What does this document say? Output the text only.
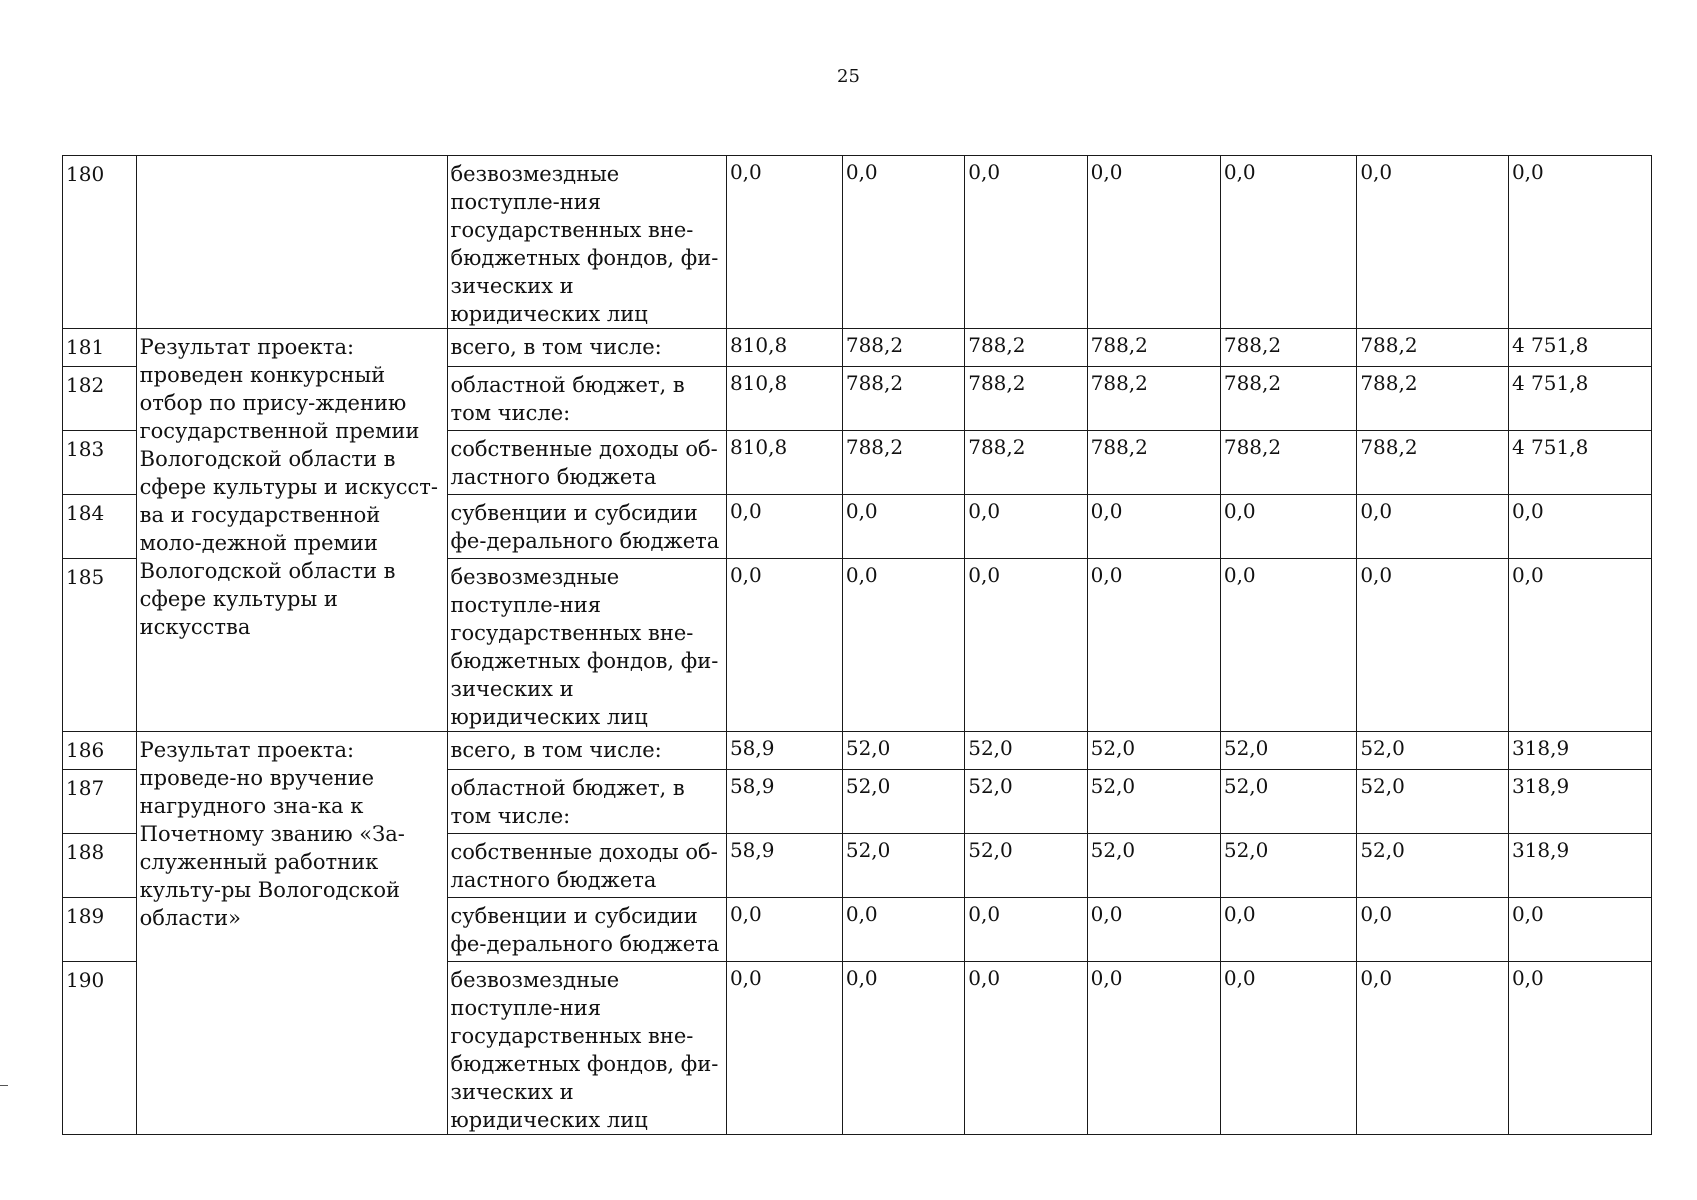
25
180		безвозмездные поступле-ния государственных вне-бюджетных фондов, фи-зических и юридических лиц	0,0	0,0	0,0	0,0	0,0	0,0	0,0
181	Результат проекта: проведен конкурсный отбор по прису-ждению государственной премии Вологодской области в сфере культуры и искусст-ва и государственной моло-дежной премии Вологодской области в сфере культуры и искусства	всего, в том числе:	810,8	788,2	788,2	788,2	788,2	788,2	4 751,8
182		областной бюджет, в том числе:	810,8	788,2	788,2	788,2	788,2	788,2	4 751,8
183		собственные доходы об-ластного бюджета	810,8	788,2	788,2	788,2	788,2	788,2	4 751,8
184		субвенции и субсидии фе-дерального бюджета	0,0	0,0	0,0	0,0	0,0	0,0	0,0
185		безвозмездные поступле-ния государственных вне-бюджетных фондов, фи-зических и юридических лиц	0,0	0,0	0,0	0,0	0,0	0,0	0,0
186	Результат проекта: проведе-но вручение нагрудного зна-ка к Почетному званию «За-служенный работник культу-ры Вологодской области»	всего, в том числе:	58,9	52,0	52,0	52,0	52,0	52,0	318,9
187		областной бюджет, в том числе:	58,9	52,0	52,0	52,0	52,0	52,0	318,9
188		собственные доходы об-ластного бюджета	58,9	52,0	52,0	52,0	52,0	52,0	318,9
189		субвенции и субсидии фе-дерального бюджета	0,0	0,0	0,0	0,0	0,0	0,0	0,0
190		безвозмездные поступле-ния государственных вне-бюджетных фондов, фи-зических и юридических лиц	0,0	0,0	0,0	0,0	0,0	0,0	0,0
